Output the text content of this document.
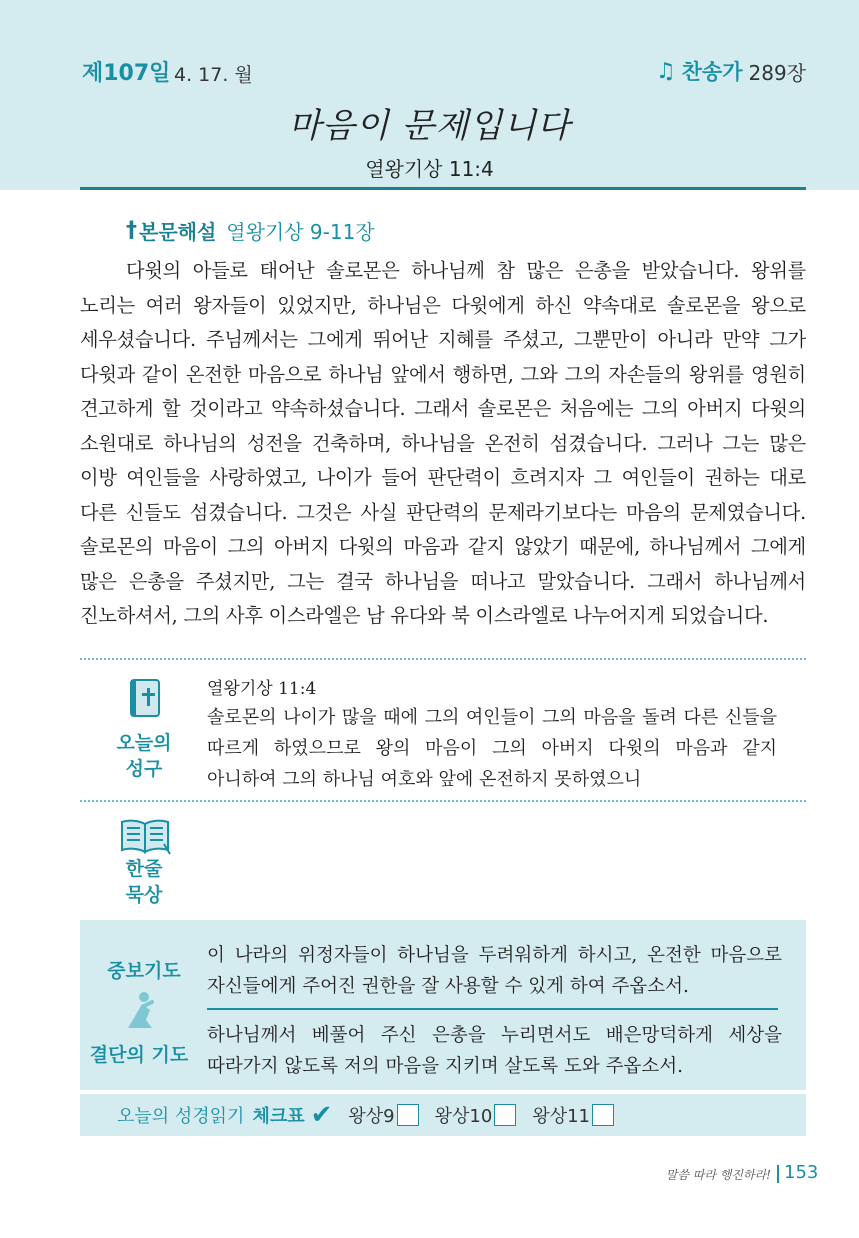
제107일 4. 17. 월	♫ 찬송가 289장
마음이 문제입니다
열왕기상 11:4
† 본문해설 열왕기상 9-11장
다윗의 아들로 태어난 솔로몬은 하나님께 참 많은 은총을 받았습니다. 왕위를 노리는 여러 왕자들이 있었지만, 하나님은 다윗에게 하신 약속대로 솔로몬을 왕으로 세우셨습니다. 주님께서는 그에게 뛰어난 지혜를 주셨고, 그뿐만이 아니라 만약 그가 다윗과 같이 온전한 마음으로 하나님 앞에서 행하면, 그와 그의 자손들의 왕위를 영원히 견고하게 할 것이라고 약속하셨습니다. 그래서 솔로몬은 처음에는 그의 아버지 다윗의 소원대로 하나님의 성전을 건축하며, 하나님을 온전히 섬겼습니다. 그러나 그는 많은 이방 여인들을 사랑하였고, 나이가 들어 판단력이 흐려지자 그 여인들이 권하는 대로 다른 신들도 섬겼습니다. 그것은 사실 판단력의 문제라기보다는 마음의 문제였습니다. 솔로몬의 마음이 그의 아버지 다윗의 마음과 같지 않았기 때문에, 하나님께서 그에게 많은 은총을 주셨지만, 그는 결국 하나님을 떠나고 말았습니다. 그래서 하나님께서 진노하셔서, 그의 사후 이스라엘은 남 유다와 북 이스라엘로 나누어지게 되었습니다.
오늘의
성구
열왕기상 11:4
솔로몬의 나이가 많을 때에 그의 여인들이 그의 마음을 돌려 다른 신들을 따르게 하였으므로 왕의 마음이 그의 아버지 다윗의 마음과 같지 아니하여 그의 하나님 여호와 앞에 온전하지 못하였으니
한줄
묵상
중보기도
결단의 기도
이 나라의 위정자들이 하나님을 두려워하게 하시고, 온전한 마음으로 자신들에게 주어진 권한을 잘 사용할 수 있게 하여 주옵소서.
하나님께서 베풀어 주신 은총을 누리면서도 배은망덕하게 세상을 따라가지 않도록 저의 마음을 지키며 살도록 도와 주옵소서.
오늘의 성경읽기 체크표 ✔ 왕상9 왕상10 왕상11
말씀 따라 행진하라! 153
